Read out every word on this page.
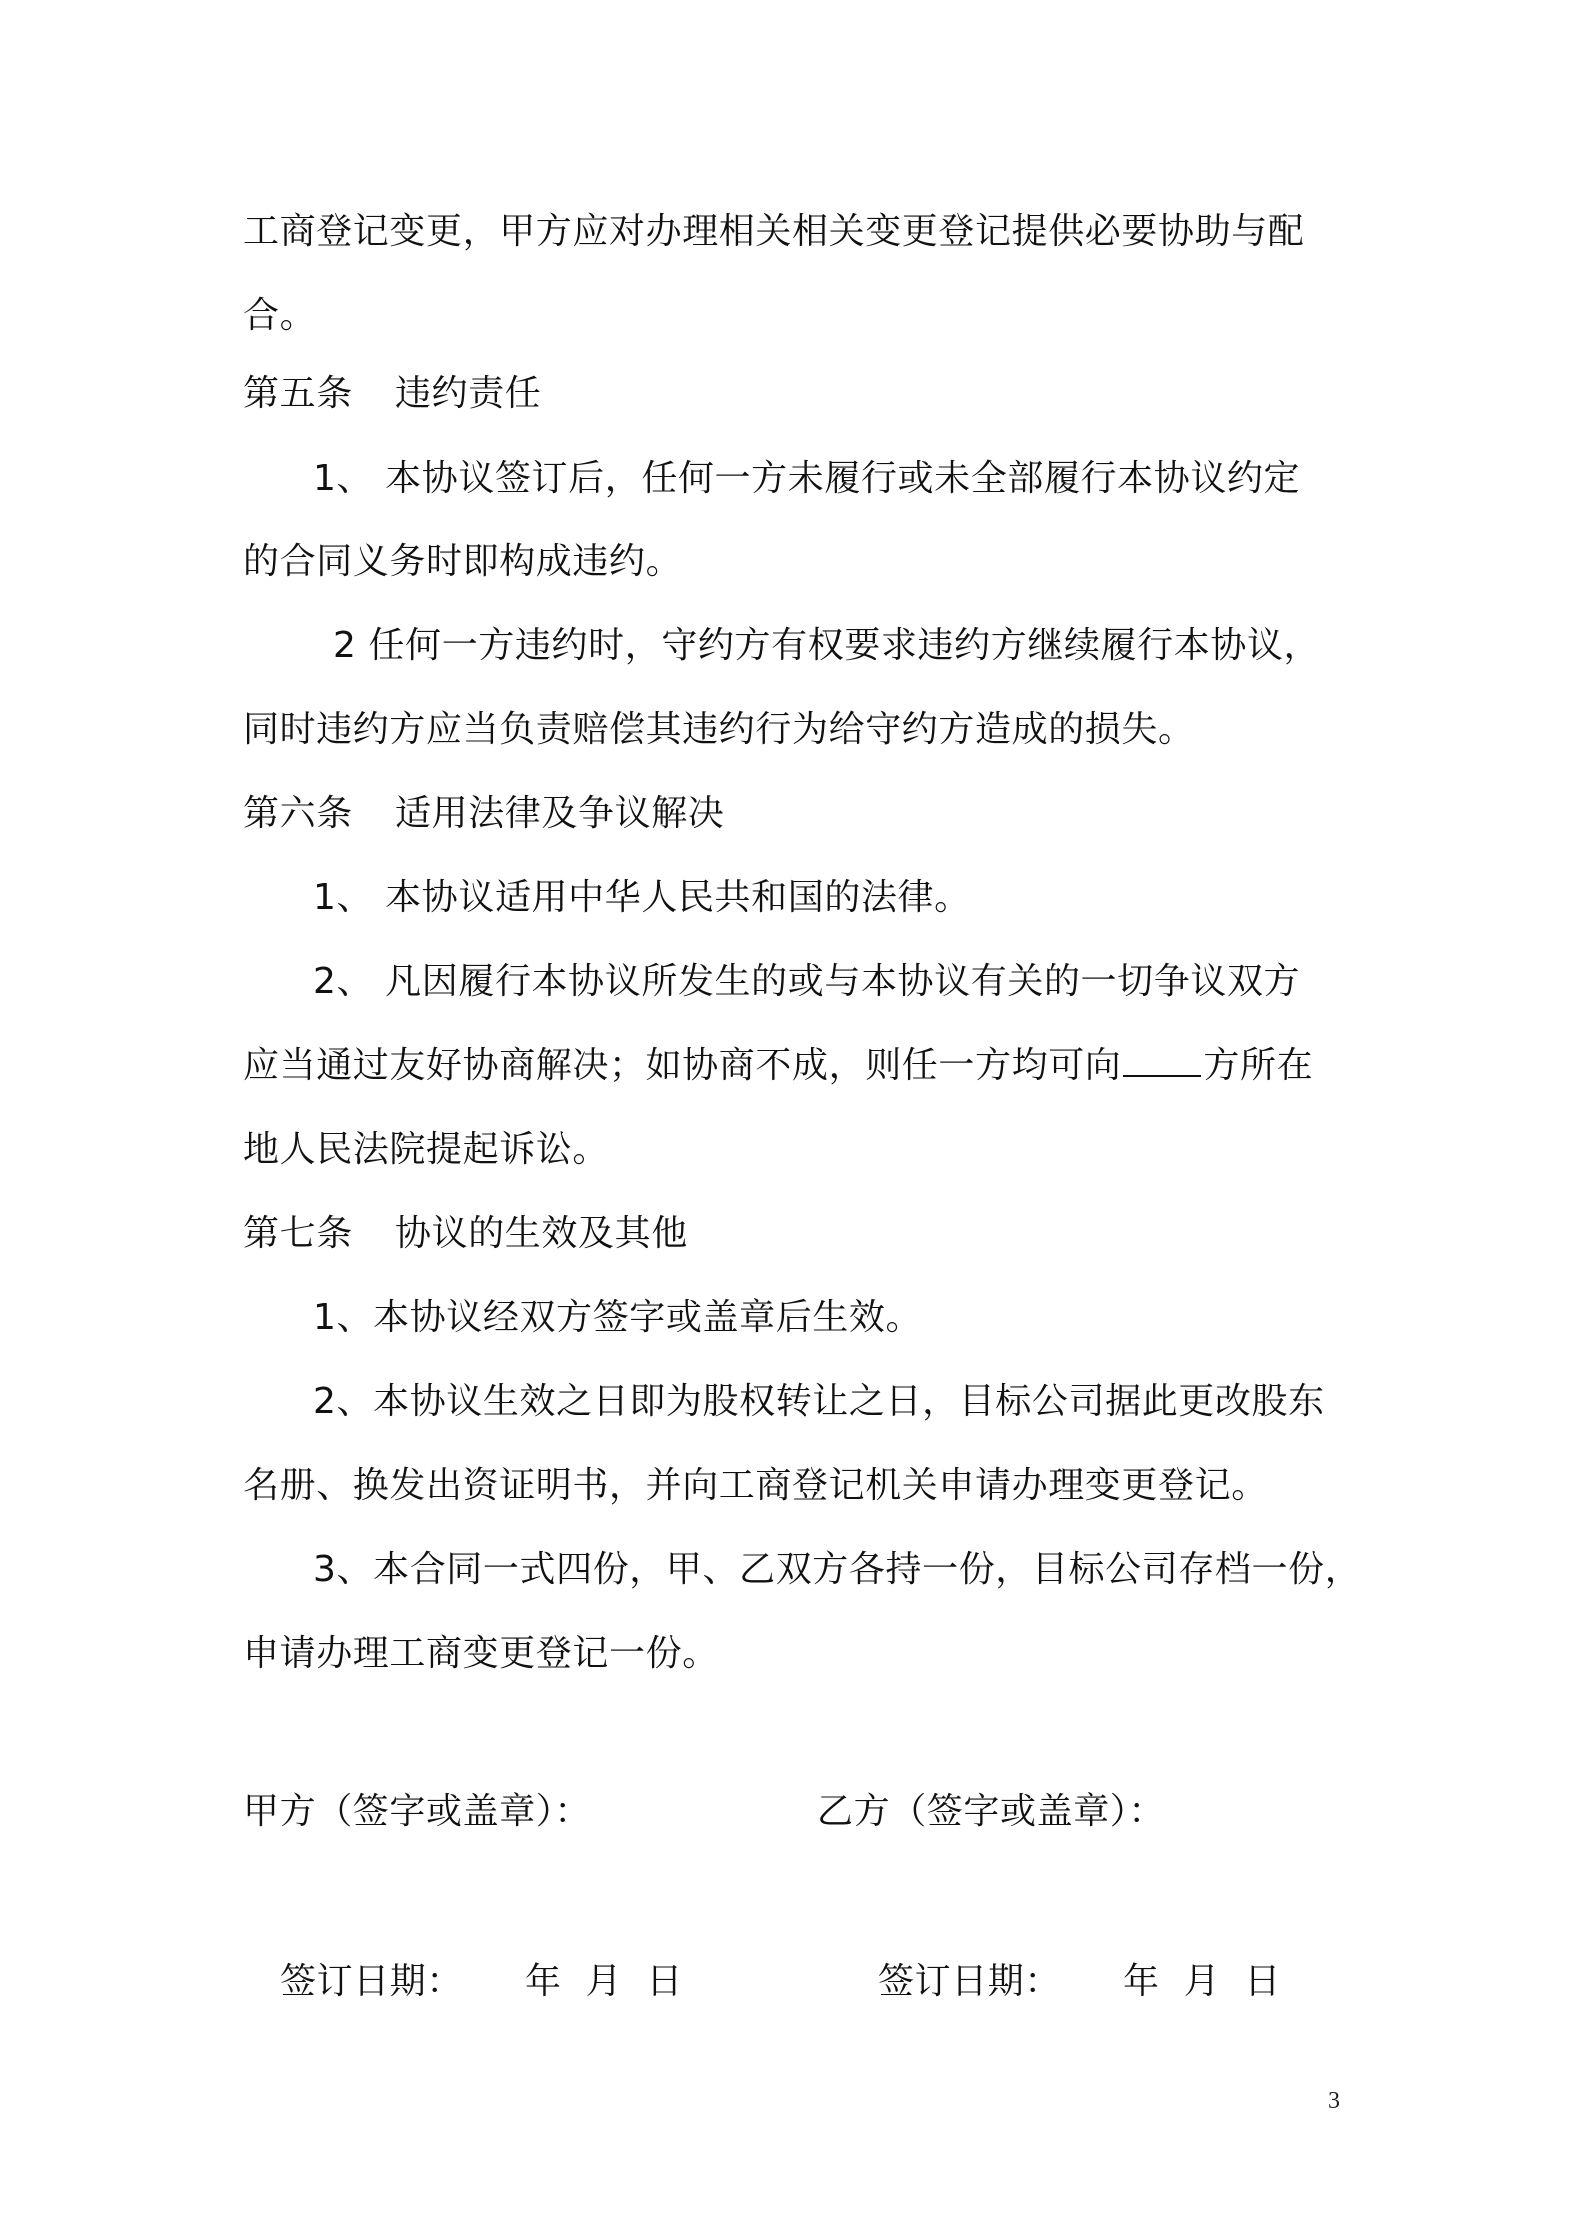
工商登记变更，甲方应对办理相关相关变更登记提供必要协助与配
合。
第五条 违约责任
1、 本协议签订后，任何一方未履行或未全部履行本协议约定
的合同义务时即构成违约。
2 任何一方违约时，守约方有权要求违约方继续履行本协议，
同时违约方应当负责赔偿其违约行为给守约方造成的损失。
第六条 适用法律及争议解决
1、 本协议适用中华人民共和国的法律。
2、 凡因履行本协议所发生的或与本协议有关的一切争议双方
应当通过友好协商解决；如协商不成，则任一方均可向 方所在
地人民法院提起诉讼。
第七条 协议的生效及其他
1、本协议经双方签字或盖章后生效。
2、本协议生效之日即为股权转让之日，目标公司据此更改股东
名册、换发出资证明书，并向工商登记机关申请办理变更登记。
3、本合同一式四份，甲、乙双方各持一份，目标公司存档一份，
申请办理工商变更登记一份。
甲方（签字或盖章）：	乙方（签字或盖章）：
签订日期： 年  月  日	签订日期： 年  月  日
3
